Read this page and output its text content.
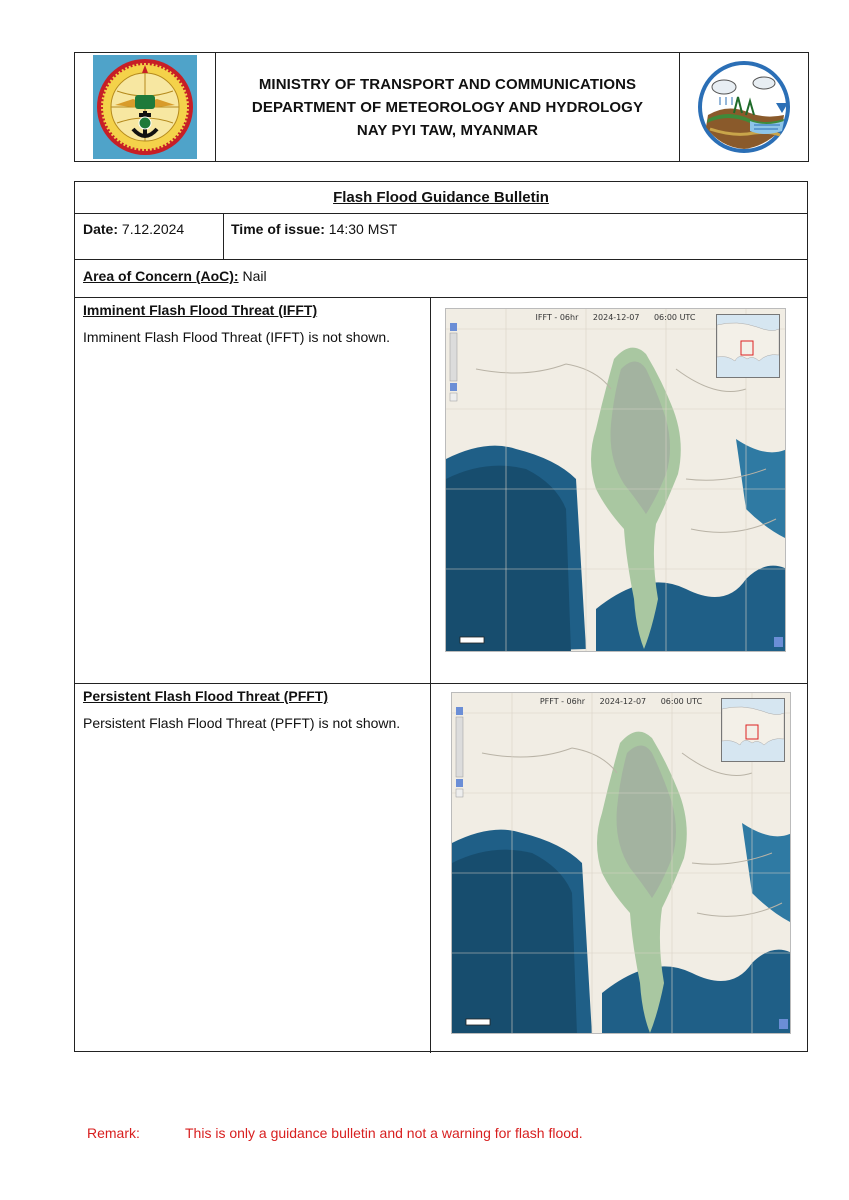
MINISTRY OF TRANSPORT AND COMMUNICATIONS
DEPARTMENT OF METEOROLOGY AND HYDROLOGY
NAY PYI TAW, MYANMAR
Flash Flood Guidance Bulletin
Date: 7.12.2024	Time of issue: 14:30 MST
Area of Concern (AoC): Nail
Imminent Flash Flood Threat (IFFT)
Imminent Flash Flood Threat (IFFT) is not shown.
IFFT - 06hr 2024-12-07 06:00 UTC
Persistent Flash Flood Threat (PFFT)
Persistent Flash Flood Threat (PFFT) is not shown.
PFFT - 06hr 2024-12-07 06:00 UTC
Remark:	This is only a guidance bulletin and not a warning for flash flood.
